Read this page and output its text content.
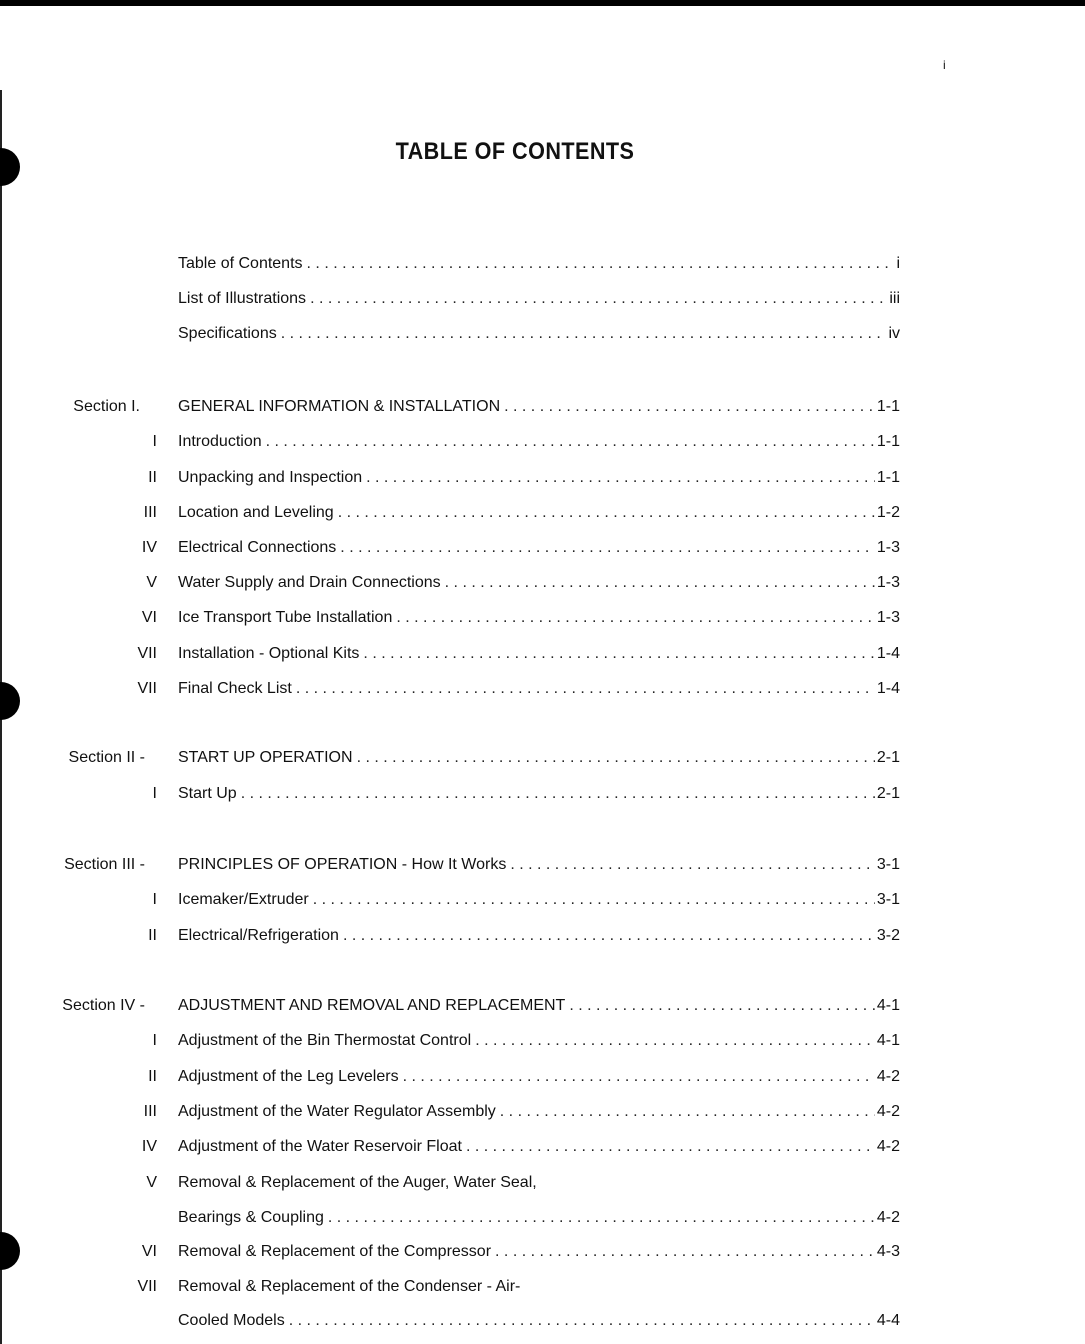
i
TABLE OF CONTENTS
Table of Contents . . .	i
List of Illustrations . . .	iii
Specifications . . .	iv
Section I. GENERAL INFORMATION & INSTALLATION . . .	1-1
I Introduction . . .	1-1
II Unpacking and Inspection . . .	1-1
III Location and Leveling . . .	1-2
IV Electrical Connections . . .	1-3
V Water Supply and Drain Connections . . .	1-3
VI Ice Transport Tube Installation . . .	1-3
VII Installation - Optional Kits . . .	1-4
VII Final Check List . . .	1-4
Section II - START UP OPERATION . . .	2-1
I Start Up . . .	2-1
Section III - PRINCIPLES OF OPERATION - How It Works . . .	3-1
I Icemaker/Extruder . . .	3-1
II Electrical/Refrigeration . . .	3-2
Section IV - ADJUSTMENT AND REMOVAL AND REPLACEMENT . . .	4-1
I Adjustment of the Bin Thermostat Control . . .	4-1
II Adjustment of the Leg Levelers . . .	4-2
III Adjustment of the Water Regulator Assembly . . .	4-2
IV Adjustment of the Water Reservoir Float . . .	4-2
V Removal & Replacement of the Auger, Water Seal,
Bearings & Coupling . . .	4-2
VI Removal & Replacement of the Compressor . . .	4-3
VII Removal & Replacement of the Condenser - Air-
Cooled Models . . .	4-4
